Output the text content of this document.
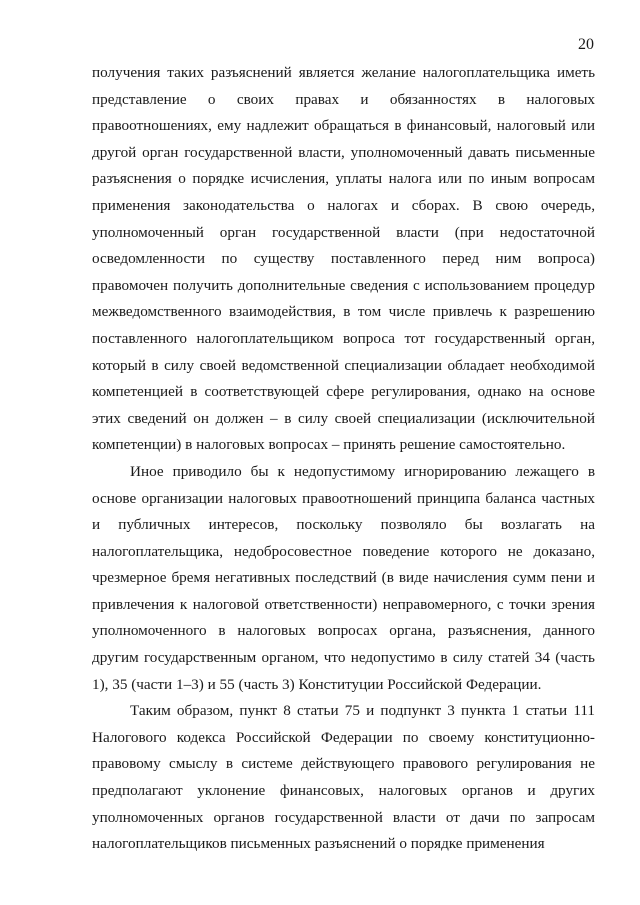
20

получения таких разъяснений является желание налогоплательщика иметь представление о своих правах и обязанностях в налоговых правоотношениях, ему надлежит обращаться в финансовый, налоговый или другой орган государственной власти, уполномоченный давать письменные разъяснения о порядке исчисления, уплаты налога или по иным вопросам применения законодательства о налогах и сборах. В свою очередь, уполномоченный орган государственной власти (при недостаточной осведомленности по существу поставленного перед ним вопроса) правомочен получить дополнительные сведения с использованием процедур межведомственного взаимодействия, в том числе привлечь к разрешению поставленного налогоплательщиком вопроса тот государственный орган, который в силу своей ведомственной специализации обладает необходимой компетенцией в соответствующей сфере регулирования, однако на основе этих сведений он должен – в силу своей специализации (исключительной компетенции) в налоговых вопросах – принять решение самостоятельно.

Иное приводило бы к недопустимому игнорированию лежащего в основе организации налоговых правоотношений принципа баланса частных и публичных интересов, поскольку позволяло бы возлагать на налогоплательщика, недобросовестное поведение которого не доказано, чрезмерное бремя негативных последствий (в виде начисления сумм пени и привлечения к налоговой ответственности) неправомерного, с точки зрения уполномоченного в налоговых вопросах органа, разъяснения, данного другим государственным органом, что недопустимо в силу статей 34 (часть 1), 35 (части 1–3) и 55 (часть 3) Конституции Российской Федерации.

Таким образом, пункт 8 статьи 75 и подпункт 3 пункта 1 статьи 111 Налогового кодекса Российской Федерации по своему конституционно-правовому смыслу в системе действующего правового регулирования не предполагают уклонение финансовых, налоговых органов и других уполномоченных органов государственной власти от дачи по запросам налогоплательщиков письменных разъяснений о порядке применения
